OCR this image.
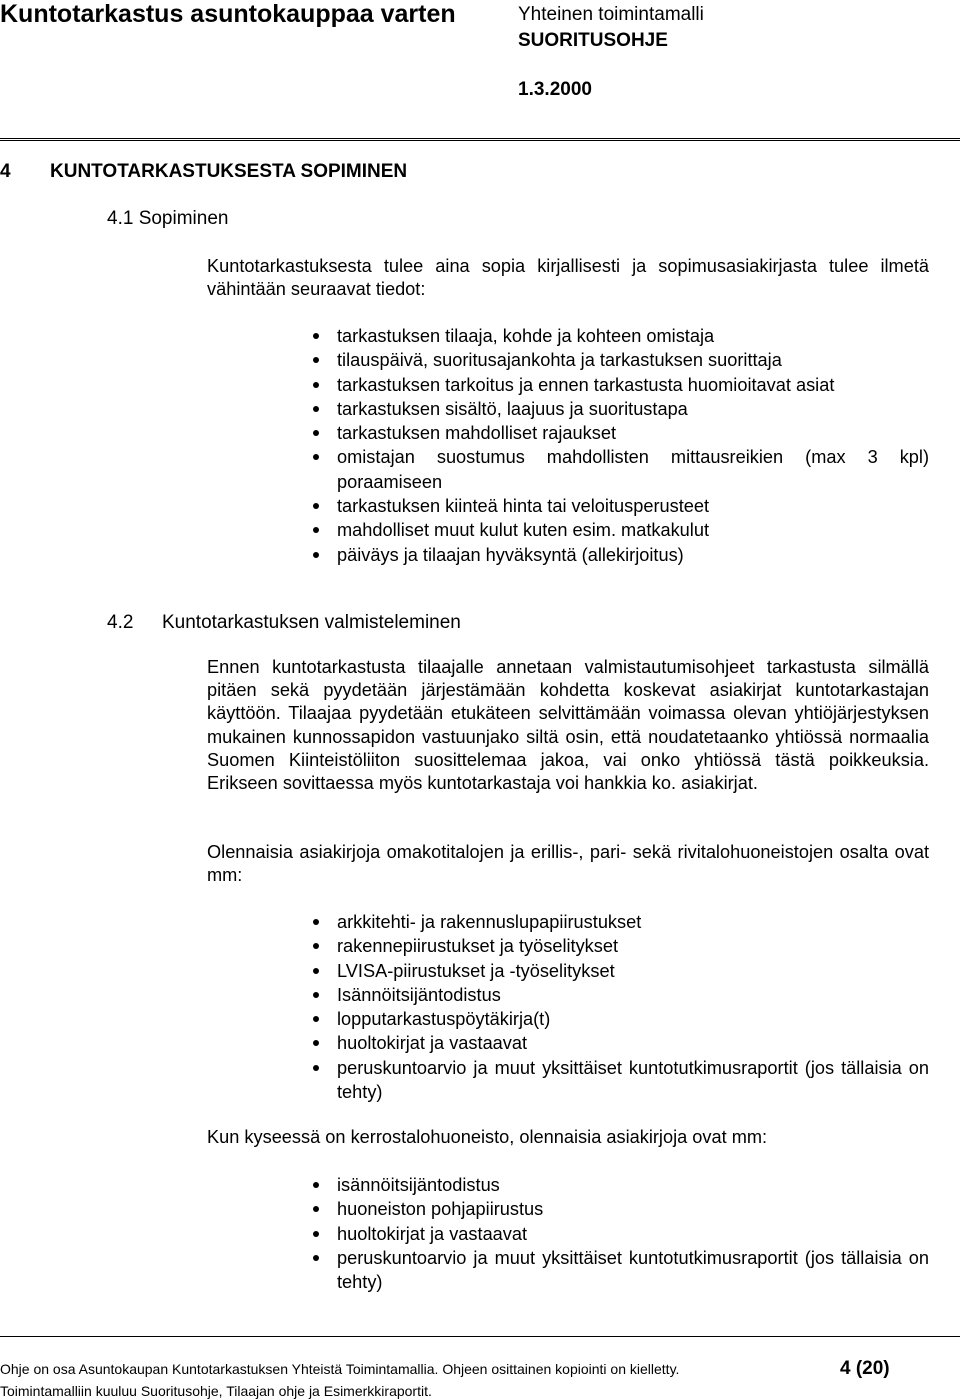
Kuntotarkastus asuntokauppaa varten	Yhteinen toimintamalli
SUORITUSOHJE
1.3.2000
4 KUNTOTARKASTUKSESTA SOPIMINEN
4.1 Sopiminen

Kuntotarkastuksesta tulee aina sopia kirjallisesti ja sopimusasiakirjasta tulee ilmetä vähintään seuraavat tiedot:

tarkastuksen tilaaja, kohde ja kohteen omistaja
tilauspäivä, suoritusajankohta ja tarkastuksen suorittaja
tarkastuksen tarkoitus ja ennen tarkastusta huomioitavat asiat
tarkastuksen sisältö, laajuus ja suoritustapa
tarkastuksen mahdolliset rajaukset
omistajan suostumus mahdollisten mittausreikien (max 3 kpl) poraamiseen
tarkastuksen kiinteä hinta tai veloitusperusteet
mahdolliset muut kulut kuten esim. matkakulut
päiväys ja tilaajan hyväksyntä (allekirjoitus)
4.2 Kuntotarkastuksen valmisteleminen

Ennen kuntotarkastusta tilaajalle annetaan valmistautumisohjeet tarkastusta silmällä pitäen sekä pyydetään järjestämään kohdetta koskevat asiakirjat kuntotarkastajan käyttöön. Tilaajaa pyydetään etukäteen selvittämään voimassa olevan yhtiöjärjestyksen mukainen kunnossapidon vastuunjako siltä osin, että noudatetaanko yhtiössä normaalia Suomen Kiinteistöliiton suosittelemaa jakoa, vai onko yhtiössä tästä poikkeuksia. Erikseen sovittaessa myös kuntotarkastaja voi hankkia ko. asiakirjat.

Olennaisia asiakirjoja omakotitalojen ja erillis-, pari- sekä rivitalohuoneistojen osalta ovat mm:

arkkitehti- ja rakennuslupapiirustukset
rakennepiirustukset ja työselitykset
LVISA-piirustukset ja -työselitykset
Isännöitsijäntodistus
lopputarkastuspöytäkirja(t)
huoltokirjat ja vastaavat
peruskuntoarvio ja muut yksittäiset kuntotutkimusraportit (jos tällaisia on tehty)

Kun kyseessä on kerrostalohuoneisto, olennaisia asiakirjoja ovat mm:

isännöitsijäntodistus
huoneiston pohjapiirustus
huoltokirjat ja vastaavat
peruskuntoarvio ja muut yksittäiset kuntotutkimusraportit (jos tällaisia on tehty)
Ohje on osa Asuntokaupan Kuntotarkastuksen Yhteistä Toimintamallia. Ohjeen osittainen kopiointi on kielletty.
Toimintamalliin kuuluu Suoritusohje, Tilaajan ohje ja Esimerkkiraportit.
4 (20)
